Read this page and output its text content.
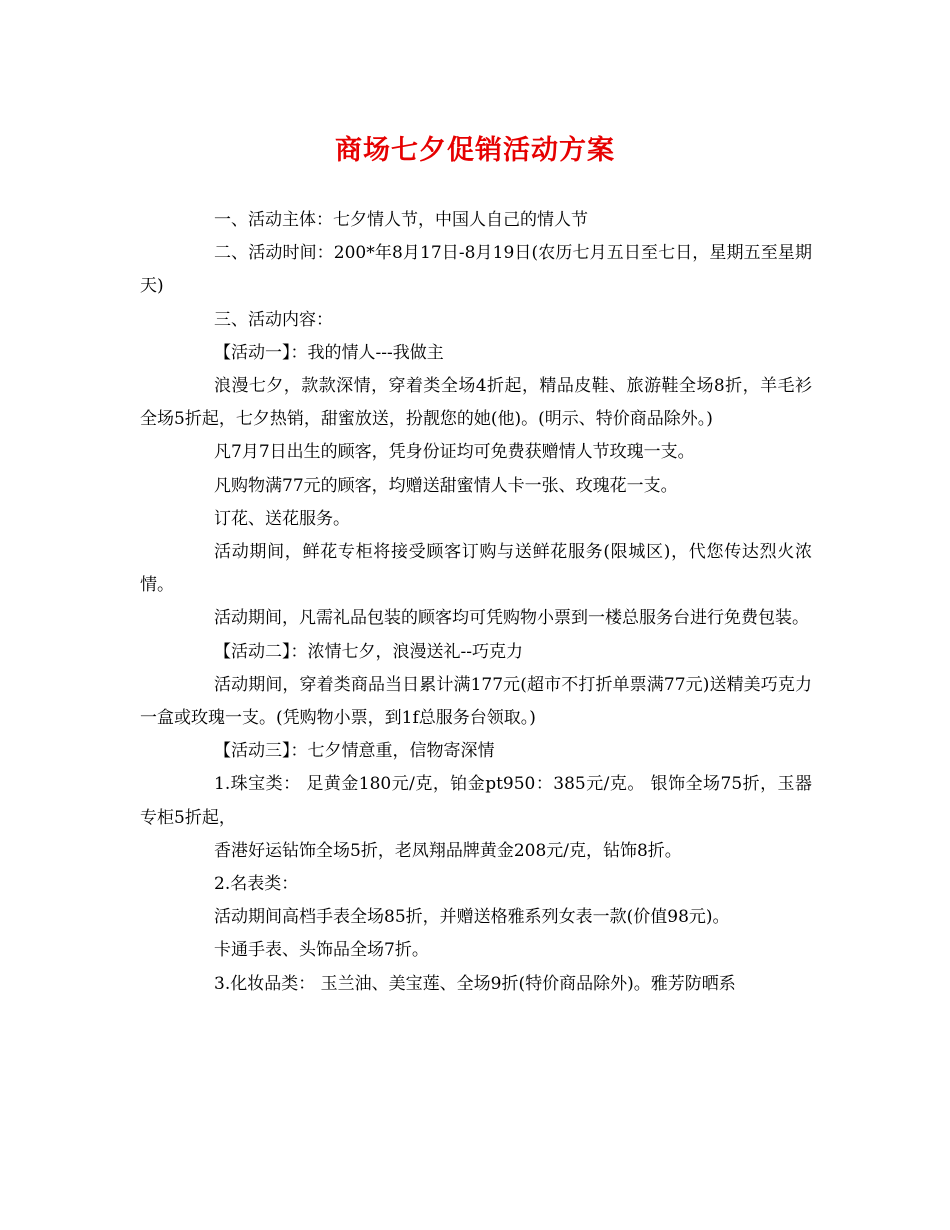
商场七夕促销活动方案

一、活动主体：七夕情人节，中国人自己的情人节

二、活动时间：200*年8月17日-8月19日(农历七月五日至七日，星期五至星期天)

三、活动内容：

【活动一】：我的情人---我做主

浪漫七夕，款款深情，穿着类全场4折起，精品皮鞋、旅游鞋全场8折，羊毛衫全场5折起，七夕热销，甜蜜放送，扮靓您的她(他)。(明示、特价商品除外。)

凡7月7日出生的顾客，凭身份证均可免费获赠情人节玫瑰一支。

凡购物满77元的顾客，均赠送甜蜜情人卡一张、玫瑰花一支。

订花、送花服务。

活动期间，鲜花专柜将接受顾客订购与送鲜花服务(限城区)，代您传达烈火浓情。

活动期间，凡需礼品包装的顾客均可凭购物小票到一楼总服务台进行免费包装。

【活动二】：浓情七夕，浪漫送礼--巧克力

活动期间，穿着类商品当日累计满177元(超市不打折单票满77元)送精美巧克力一盒或玫瑰一支。(凭购物小票，到1f总服务台领取。)

【活动三】：七夕情意重，信物寄深情

1.珠宝类： 足黄金180元/克，铂金pt950：385元/克。 银饰全场75折，玉器专柜5折起，

香港好运钻饰全场5折，老凤翔品牌黄金208元/克，钻饰8折。

2.名表类：

活动期间高档手表全场85折，并赠送格雅系列女表一款(价值98元)。

卡通手表、头饰品全场7折。

3.化妆品类： 玉兰油、美宝莲、全场9折(特价商品除外)。雅芳防晒系
